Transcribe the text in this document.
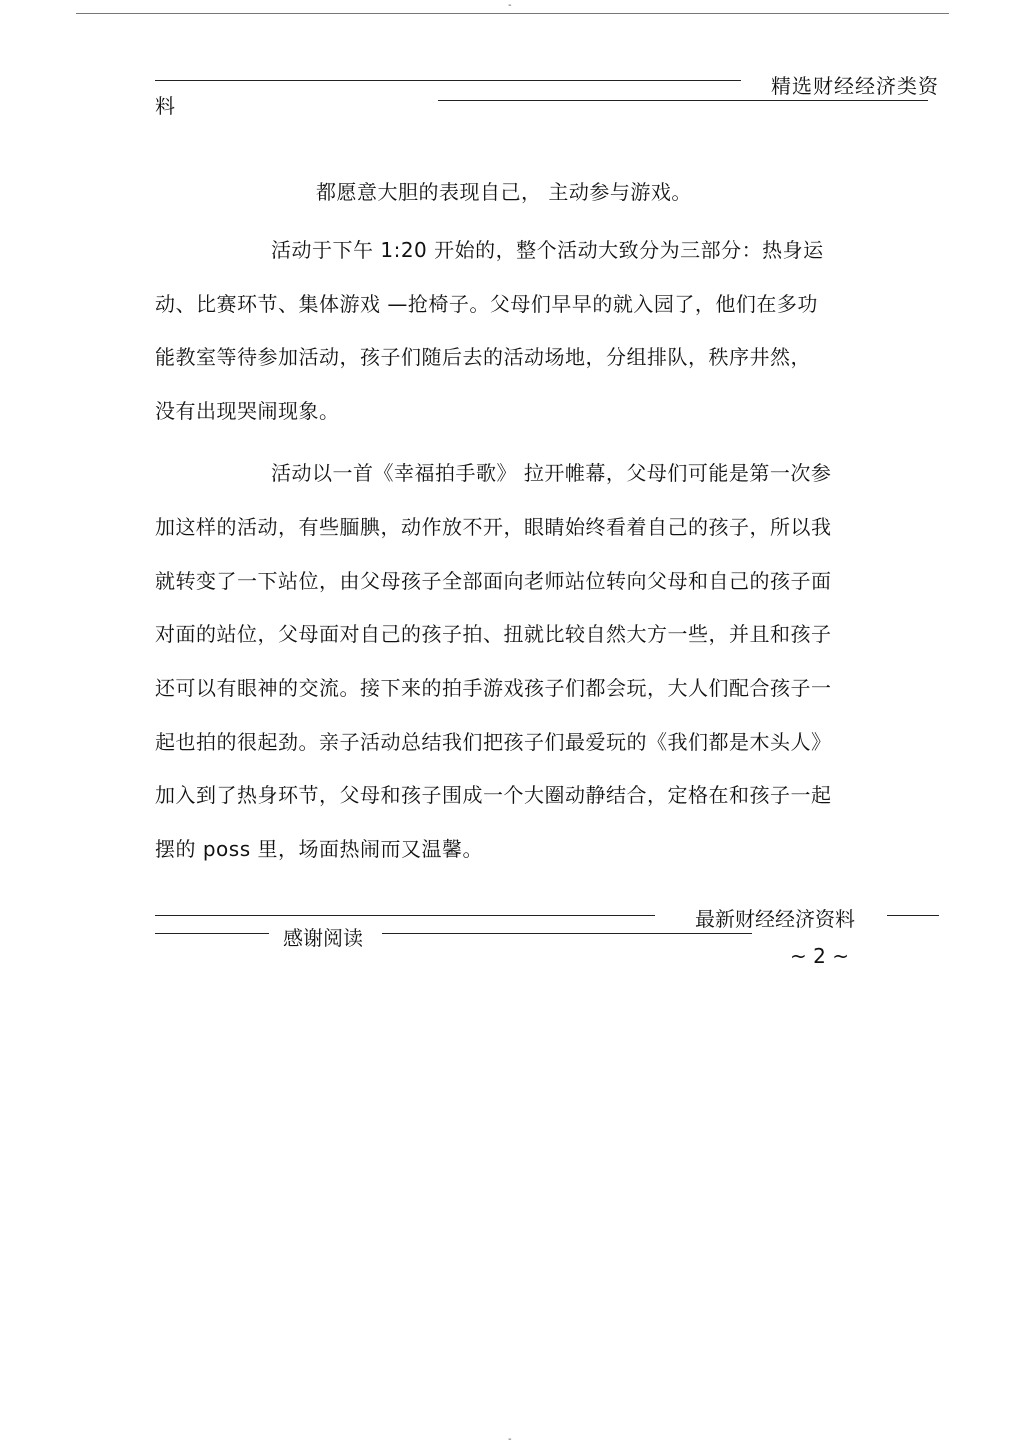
-
精选财经经济类资
料
都愿意大胆的表现自己， 主动参与游戏。
活动于下午 1:20 开始的，整个活动大致分为三部分：热身运
动、比赛环节、集体游戏 —抢椅子。父母们早早的就入园了，他们在多功
能教室等待参加活动，孩子们随后去的活动场地，分组排队，秩序井然，
没有出现哭闹现象。
活动以一首《幸福拍手歌》 拉开帷幕，父母们可能是第一次参
加这样的活动，有些腼腆，动作放不开，眼睛始终看着自己的孩子，所以我
就转变了一下站位，由父母孩子全部面向老师站位转向父母和自己的孩子面
对面的站位，父母面对自己的孩子拍、扭就比较自然大方一些，并且和孩子
还可以有眼神的交流。接下来的拍手游戏孩子们都会玩，大人们配合孩子一
起也拍的很起劲。亲子活动总结我们把孩子们最爱玩的《我们都是木头人》
加入到了热身环节，父母和孩子围成一个大圈动静结合，定格在和孩子一起
摆的 poss 里，场面热闹而又温馨。
最新财经经济资料
感谢阅读
~ 2 ~
-
